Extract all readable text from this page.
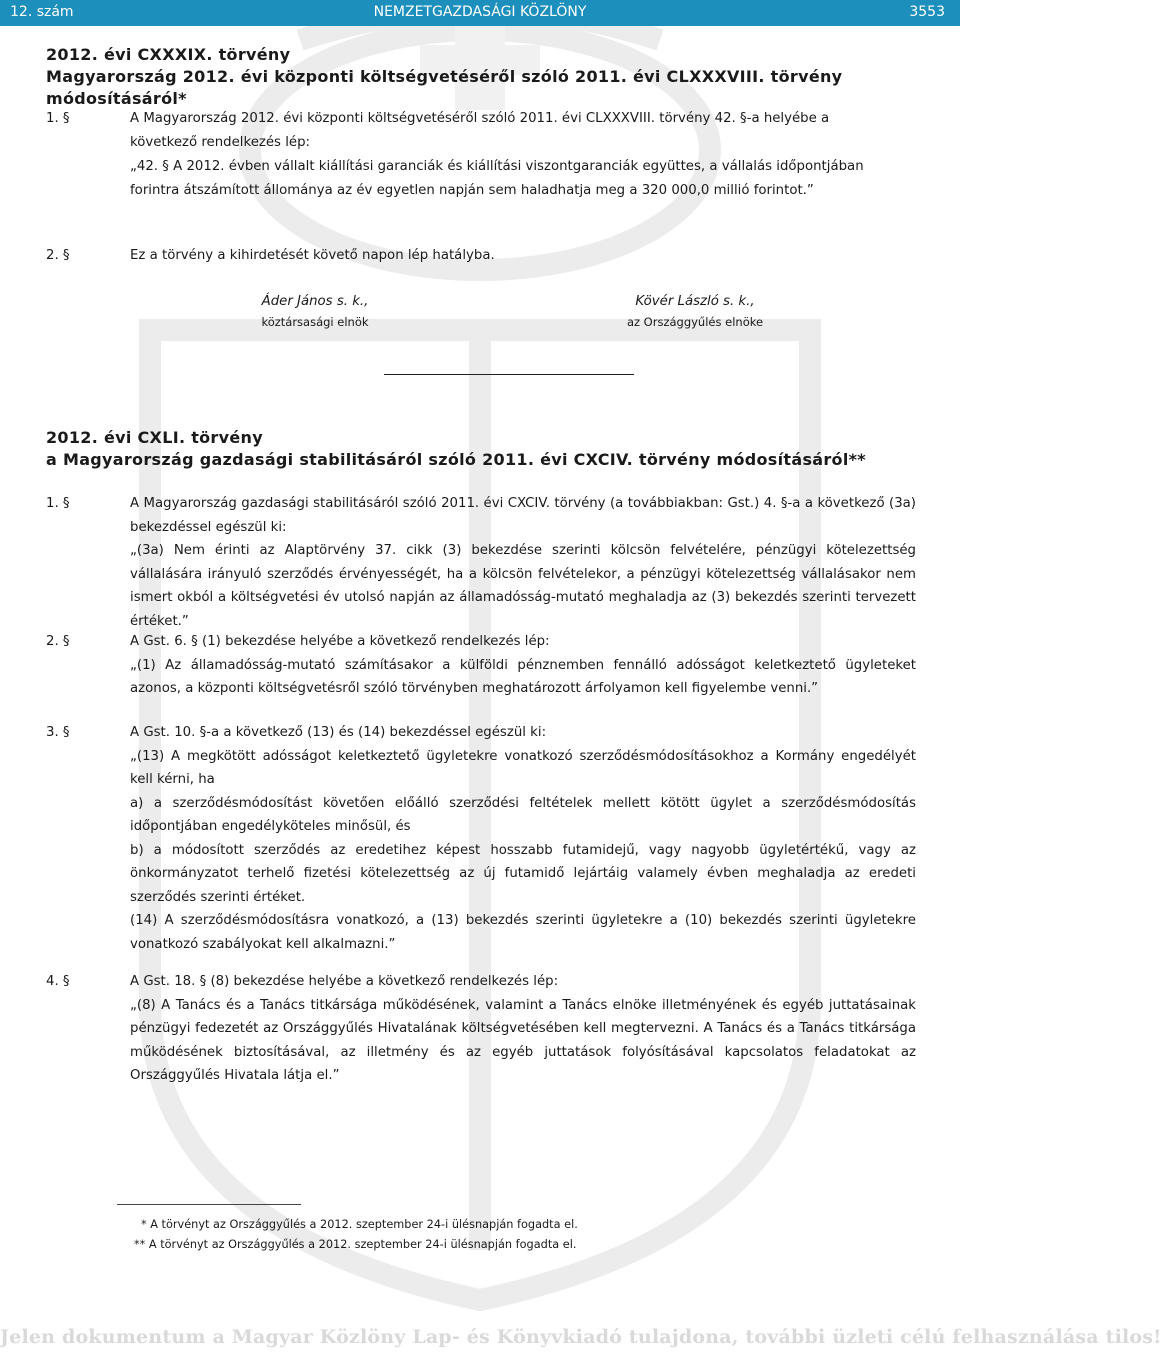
12. szám	NEMZETGAZDASÁGI KÖZLÖNY	3553
2012. évi CXXXIX. törvény
Magyarország 2012. évi központi költségvetéséről szóló 2011. évi CLXXXVIII. törvény
módosításáról*
1. §	A Magyarország 2012. évi központi költségvetéséről szóló 2011. évi CLXXXVIII. törvény 42. §-a helyébe a következő rendelkezés lép:
„42. § A 2012. évben vállalt kiállítási garanciák és kiállítási viszontgaranciák együttes, a vállalás időpontjában forintra átszámított állománya az év egyetlen napján sem haladhatja meg a 320 000,0 millió forintot.”
2. §	Ez a törvény a kihirdetését követő napon lép hatályba.
Áder János s. k.,
köztársasági elnök
Kövér László s. k.,
az Országgyűlés elnöke
2012. évi CXLI. törvény
a Magyarország gazdasági stabilitásáról szóló 2011. évi CXCIV. törvény módosításáról**
1. §	A Magyarország gazdasági stabilitásáról szóló 2011. évi CXCIV. törvény (a továbbiakban: Gst.) 4. §-a a következő (3a) bekezdéssel egészül ki:
„(3a) Nem érinti az Alaptörvény 37. cikk (3) bekezdése szerinti kölcsön felvételére, pénzügyi kötelezettség vállalására irányuló szerződés érvényességét, ha a kölcsön felvételekor, a pénzügyi kötelezettség vállalásakor nem ismert okból a költségvetési év utolsó napján az államadósság-mutató meghaladja az (3) bekezdés szerinti tervezett értéket.”
2. §	A Gst. 6. § (1) bekezdése helyébe a következő rendelkezés lép:
„(1) Az államadósság-mutató számításakor a külföldi pénznemben fennálló adósságot keletkeztető ügyleteket azonos, a központi költségvetésről szóló törvényben meghatározott árfolyamon kell figyelembe venni.”
3. §	A Gst. 10. §-a a következő (13) és (14) bekezdéssel egészül ki:
„(13) A megkötött adósságot keletkeztető ügyletekre vonatkozó szerződésmódosításokhoz a Kormány engedélyét kell kérni, ha
a) a szerződésmódosítást követően előálló szerződési feltételek mellett kötött ügylet a szerződésmódosítás időpontjában engedélyköteles minősül, és
b) a módosított szerződés az eredetihez képest hosszabb futamidejű, vagy nagyobb ügyletértékű, vagy az önkormányzatot terhelő fizetési kötelezettség az új futamidő lejártáig valamely évben meghaladja az eredeti szerződés szerinti értéket.
(14) A szerződésmódosításra vonatkozó, a (13) bekezdés szerinti ügyletekre a (10) bekezdés szerinti ügyletekre vonatkozó szabályokat kell alkalmazni.”
4. §	A Gst. 18. § (8) bekezdése helyébe a következő rendelkezés lép:
„(8) A Tanács és a Tanács titkársága működésének, valamint a Tanács elnöke illetményének és egyéb juttatásainak pénzügyi fedezetét az Országgyűlés Hivatalának költségvetésében kell megtervezni. A Tanács és a Tanács titkársága működésének biztosításával, az illetmény és az egyéb juttatások folyósításával kapcsolatos feladatokat az Országgyűlés Hivatala látja el.”
* A törvényt az Országgyűlés a 2012. szeptember 24-i ülésnapján fogadta el.
** A törvényt az Országgyűlés a 2012. szeptember 24-i ülésnapján fogadta el.
Jelen dokumentum a Magyar Közlöny Lap- és Könyvkiadó tulajdona, további üzleti célú felhasználása tilos!
